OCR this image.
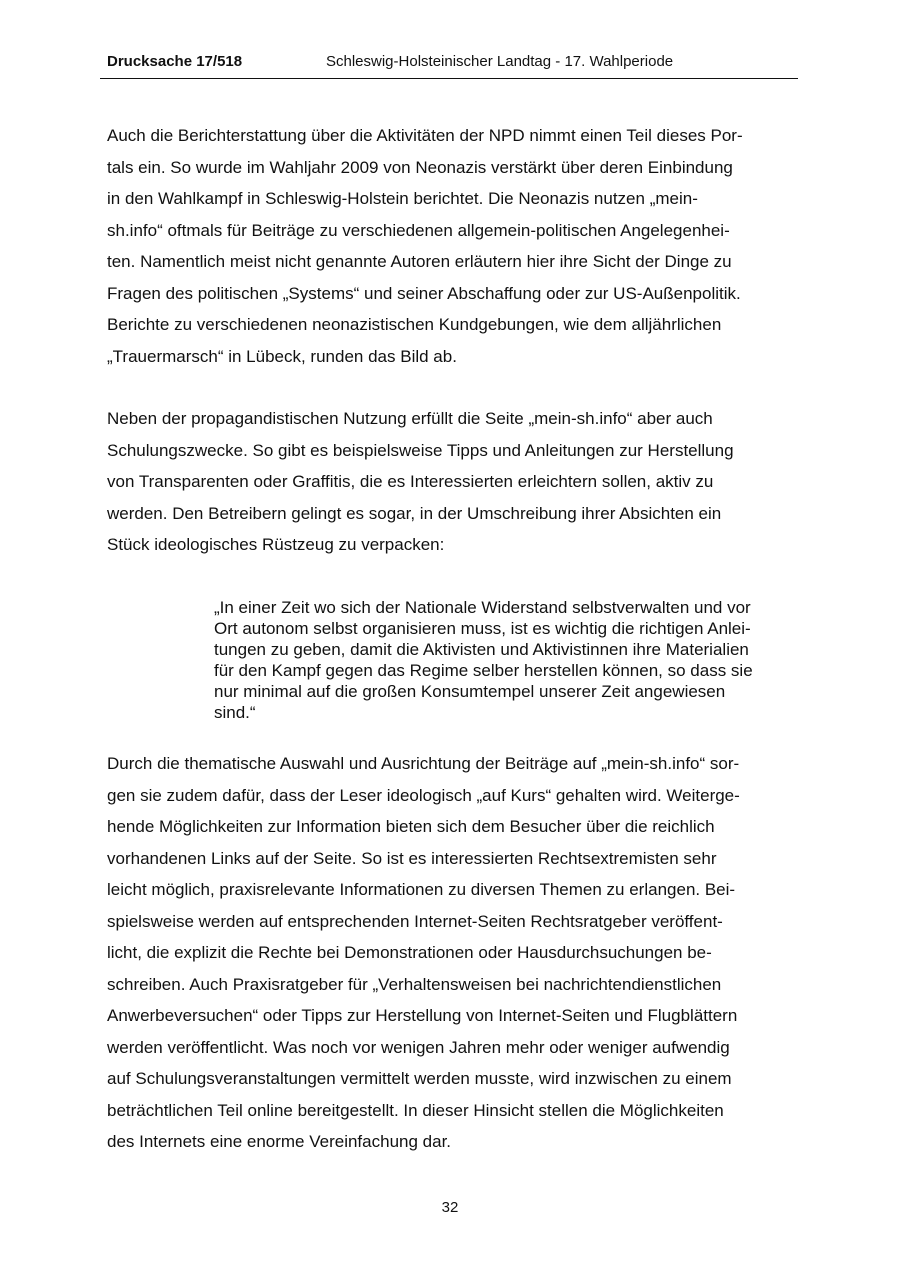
Drucksache 17/518	Schleswig-Holsteinischer Landtag - 17. Wahlperiode

Auch die Berichterstattung über die Aktivitäten der NPD nimmt einen Teil dieses Por-
tals ein. So wurde im Wahljahr 2009 von Neonazis verstärkt über deren Einbindung
in den Wahlkampf in Schleswig-Holstein berichtet. Die Neonazis nutzen „mein-
sh.info“ oftmals für Beiträge zu verschiedenen allgemein-politischen Angelegenhei-
ten. Namentlich meist nicht genannte Autoren erläutern hier ihre Sicht der Dinge zu
Fragen des politischen „Systems“ und seiner Abschaffung oder zur US-Außenpolitik.
Berichte zu verschiedenen neonazistischen Kundgebungen, wie dem alljährlichen
„Trauermarsch“ in Lübeck, runden das Bild ab.

Neben der propagandistischen Nutzung erfüllt die Seite „mein-sh.info“ aber auch
Schulungszwecke. So gibt es beispielsweise Tipps und Anleitungen zur Herstellung
von Transparenten oder Graffitis, die es Interessierten erleichtern sollen, aktiv zu
werden. Den Betreibern gelingt es sogar, in der Umschreibung ihrer Absichten ein
Stück ideologisches Rüstzeug zu verpacken:

„In einer Zeit wo sich der Nationale Widerstand selbstverwalten und vor
Ort autonom selbst organisieren muss, ist es wichtig die richtigen Anlei-
tungen zu geben, damit die Aktivisten und Aktivistinnen ihre Materialien
für den Kampf gegen das Regime selber herstellen können, so dass sie
nur minimal auf die großen Konsumtempel unserer Zeit angewiesen
sind.“

Durch die thematische Auswahl und Ausrichtung der Beiträge auf „mein-sh.info“ sor-
gen sie zudem dafür, dass der Leser ideologisch „auf Kurs“ gehalten wird. Weiterge-
hende Möglichkeiten zur Information bieten sich dem Besucher über die reichlich
vorhandenen Links auf der Seite. So ist es interessierten Rechtsextremisten sehr
leicht möglich, praxisrelevante Informationen zu diversen Themen zu erlangen. Bei-
spielsweise werden auf entsprechenden Internet-Seiten Rechtsratgeber veröffent-
licht, die explizit die Rechte bei Demonstrationen oder Hausdurchsuchungen be-
schreiben. Auch Praxisratgeber für „Verhaltensweisen bei nachrichtendienstlichen
Anwerbeversuchen“ oder Tipps zur Herstellung von Internet-Seiten und Flugblättern
werden veröffentlicht. Was noch vor wenigen Jahren mehr oder weniger aufwendig
auf Schulungsveranstaltungen vermittelt werden musste, wird inzwischen zu einem
beträchtlichen Teil online bereitgestellt. In dieser Hinsicht stellen die Möglichkeiten
des Internets eine enorme Vereinfachung dar.

32
